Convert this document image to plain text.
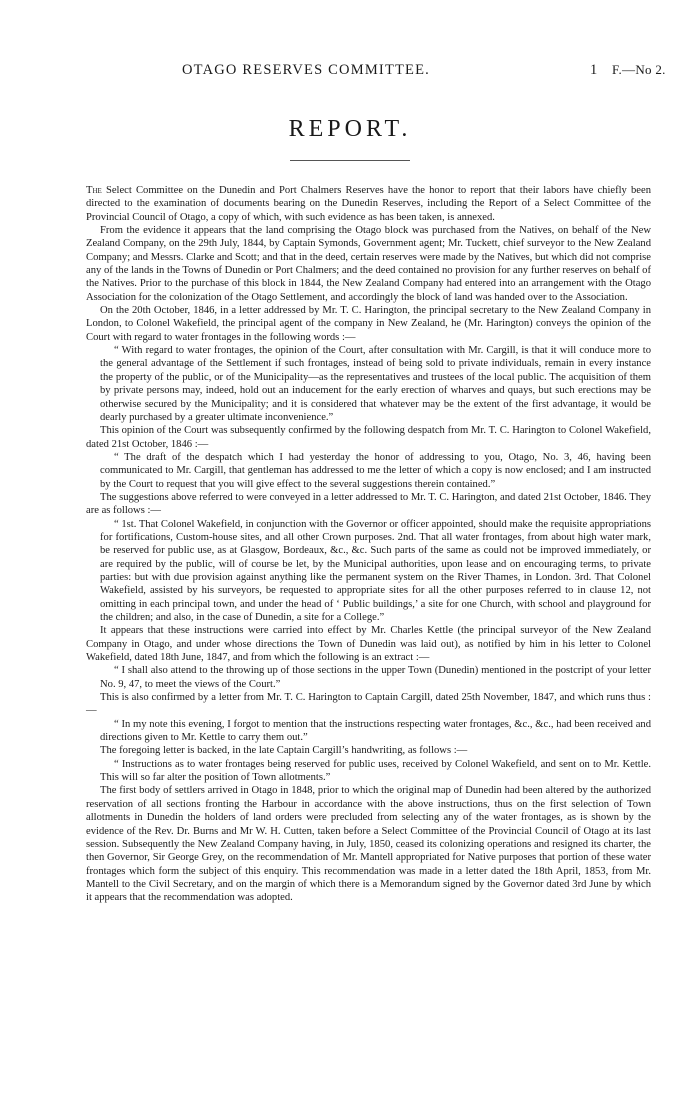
OTAGO RESERVES COMMITTEE.	1 F.—No 2.
REPORT.

The Select Committee on the Dunedin and Port Chalmers Reserves have the honor to report that their labors have chiefly been directed to the examination of documents bearing on the Dunedin Reserves, including the Report of a Select Committee of the Provincial Council of Otago, a copy of which, with such evidence as has been taken, is annexed.

From the evidence it appears that the land comprising the Otago block was purchased from the Natives, on behalf of the New Zealand Company, on the 29th July, 1844, by Captain Symonds, Government agent; Mr. Tuckett, chief surveyor to the New Zealand Company; and Messrs. Clarke and Scott; and that in the deed, certain reserves were made by the Natives, but which did not comprise any of the lands in the Towns of Dunedin or Port Chalmers; and the deed contained no provision for any further reserves on behalf of the Natives. Prior to the purchase of this block in 1844, the New Zealand Company had entered into an arrangement with the Otago Association for the colonization of the Otago Settlement, and accordingly the block of land was handed over to the Association.

On the 20th October, 1846, in a letter addressed by Mr. T. C. Harington, the principal secretary to the New Zealand Company in London, to Colonel Wakefield, the principal agent of the company in New Zealand, he (Mr. Harington) conveys the opinion of the Court with regard to water frontages in the following words :—

“ With regard to water frontages, the opinion of the Court, after consultation with Mr. Cargill, is that it will conduce more to the general advantage of the Settlement if such frontages, instead of being sold to private individuals, remain in every instance the property of the public, or of the Municipality—as the representatives and trustees of the local public. The acquisition of them by private persons may, indeed, hold out an inducement for the early erection of wharves and quays, but such erections may be otherwise secured by the Municipality; and it is considered that whatever may be the extent of the first advantage, it would be dearly purchased by a greater ultimate inconvenience.”

This opinion of the Court was subsequently confirmed by the following despatch from Mr. T. C. Harington to Colonel Wakefield, dated 21st October, 1846 :—

“ The draft of the despatch which I had yesterday the honor of addressing to you, Otago, No. 3, 46, having been communicated to Mr. Cargill, that gentleman has addressed to me the letter of which a copy is now enclosed; and I am instructed by the Court to request that you will give effect to the several suggestions therein contained.”

The suggestions above referred to were conveyed in a letter addressed to Mr. T. C. Harington, and dated 21st October, 1846. They are as follows :—

“ 1st. That Colonel Wakefield, in conjunction with the Governor or officer appointed, should make the requisite appropriations for fortifications, Custom-house sites, and all other Crown purposes. 2nd. That all water frontages, from about high water mark, be reserved for public use, as at Glasgow, Bordeaux, &c., &c. Such parts of the same as could not be improved immediately, or are required by the public, will of course be let, by the Municipal authorities, upon lease and on encouraging terms, to private parties: but with due provision against anything like the permanent system on the River Thames, in London. 3rd. That Colonel Wakefield, assisted by his surveyors, be requested to appropriate sites for all the other purposes referred to in clause 12, not omitting in each principal town, and under the head of ‘ Public buildings,’ a site for one Church, with school and playground for the children; and also, in the case of Dunedin, a site for a College.”

It appears that these instructions were carried into effect by Mr. Charles Kettle (the principal surveyor of the New Zealand Company in Otago, and under whose directions the Town of Dunedin was laid out), as notified by him in his letter to Colonel Wakefield, dated 18th June, 1847, and from which the following is an extract :—

“ I shall also attend to the throwing up of those sections in the upper Town (Dunedin) mentioned in the postcript of your letter No. 9, 47, to meet the views of the Court.”

This is also confirmed by a letter from Mr. T. C. Harington to Captain Cargill, dated 25th November, 1847, and which runs thus :—

“ In my note this evening, I forgot to mention that the instructions respecting water frontages, &c., &c., had been received and directions given to Mr. Kettle to carry them out.”

The foregoing letter is backed, in the late Captain Cargill’s handwriting, as follows :—

“ Instructions as to water frontages being reserved for public uses, received by Colonel Wakefield, and sent on to Mr. Kettle. This will so far alter the position of Town allotments.”

The first body of settlers arrived in Otago in 1848, prior to which the original map of Dunedin had been altered by the authorized reservation of all sections fronting the Harbour in accordance with the above instructions, thus on the first selection of Town allotments in Dunedin the holders of land orders were precluded from selecting any of the water frontages, as is shown by the evidence of the Rev. Dr. Burns and Mr W. H. Cutten, taken before a Select Committee of the Provincial Council of Otago at its last session. Subsequently the New Zealand Company having, in July, 1850, ceased its colonizing operations and resigned its charter, the then Governor, Sir George Grey, on the recommendation of Mr. Mantell appropriated for Native purposes that portion of these water frontages which form the subject of this enquiry. This recommendation was made in a letter dated the 18th April, 1853, from Mr. Mantell to the Civil Secretary, and on the margin of which there is a Memorandum signed by the Governor dated 3rd June by which it appears that the recommendation was adopted.
